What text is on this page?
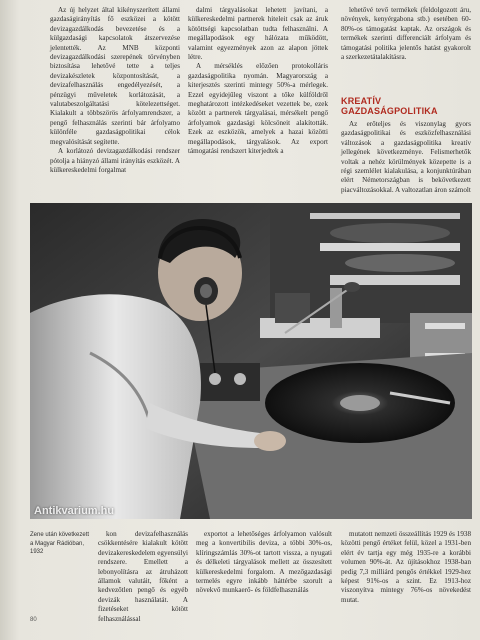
Az új helyzet által kikényszerített állami gazdaságirányítás fő eszközei a kötött devizagazdálkodás bevezetése és a külgazdasági kapcsolatok átszervezése jelentették. Az MNB központi devizagazdálkodási szerepének törvényben biztosítása lehetővé tette a teljes devizakészletek központosítását, a devizafelhasználás engedélyezését, a pénzügyi műveletek korlátozását, a valutabeszolgáltatási kötelezettséget. Kialakult a többszörös árfolyamrendszer, a pengő felhasználás szerinti bár árfolyamo különféle gazdaságpolitikai célok megvalósítását segítette.

A korlátozó devizagazdálkodási rendszer pótolja a hiányzó állami irányítás eszközét. A külkereskedelmi forgalmat

dalmi tárgyalásokat lehetett javítani, a külkereskedelmi partnerek hiteleit csak az áruk kötöttségi kapcsolatban tudta felhasználni. A megállapodások egy hálózata működött, valamint egyezmények azon az alapon jöttek létre.

A mérséklés előzően protokolláris gazdaságpolitika nyomán. Magyarország a kiterjesztés szerinti mintegy 50%-a mérlegek. Ezzel egyidejűleg viszont a tőke külföldről meghatározott intézkedéseket vezettek be, ezek között a partnerek tárgyalásai, mérsékelt pengő árfolyamok gazdasági kölcsöneit alakították. Ezek az eszközök, amelyek a hazai közötti megállapodások, tárgyalások. Az export támogatási rendszert kiterjedtek a

lehetővé tevő termékek (feldolgozott áru, növények, kenyérgabona stb.) esetében 60-80%-os támogatást kaptak. Az országok és termékek szerinti differenciált árfolyam és támogatási politika jelentős hatást gyakorolt a szerkezetátalakításra.

KREATÍV GAZDASÁGPOLITIKA

Az erőteljes és viszonylag gyors gazdaságpolitikai és eszközfelhasználási változások a gazdaságpolitika kreatív jellegének következménye. Felismerhetők voltak a nehéz körülmények közepette is a régi szemlélet kialakulása, a konjunktúrában elért Németországban is bekövetkezett piacváltozásokkal. A valtozatlan áron számolt

Antikvarium.hu
Zene után következett a Magyar Rádióban, 1932

kon devizafelhasználás csökkentésére kialakult kötött devizakereskedelem egyensúlyi rendszere. Emellett a lebonyolításra az átruházott államok valutáit, főként a kedvezőtlen pengő és egyéb devizák használatát. A fizetéseket kötött felhasználással

exportot a lehetőséges árfolyamon valósult meg a konvertibilis deviza, a többi 30%-os, klíringszámlás 30%-ot tartott vissza, a nyugati és délkeleti tárgyalások mellett az összesített külkereskedelmi forgalom. A mezőgazdasági termelés egyre inkább háttérbe szorult a növekvő munkaerő- és földfelhasználás

mutatott nemzeti összeállítás 1929 és 1938 közötti pengő értéket felül, közel a 1931-ben elért év tartja egy még 1935-re a korábbi volumen 90%-át. Az újításokhoz 1938-ban pedig 7,3 milliárd pengős értékkel 1929-hez képest 91%-os a szint. Ez 1913-hoz viszonyítva mintegy 76%-os növekedést mutat.

80
